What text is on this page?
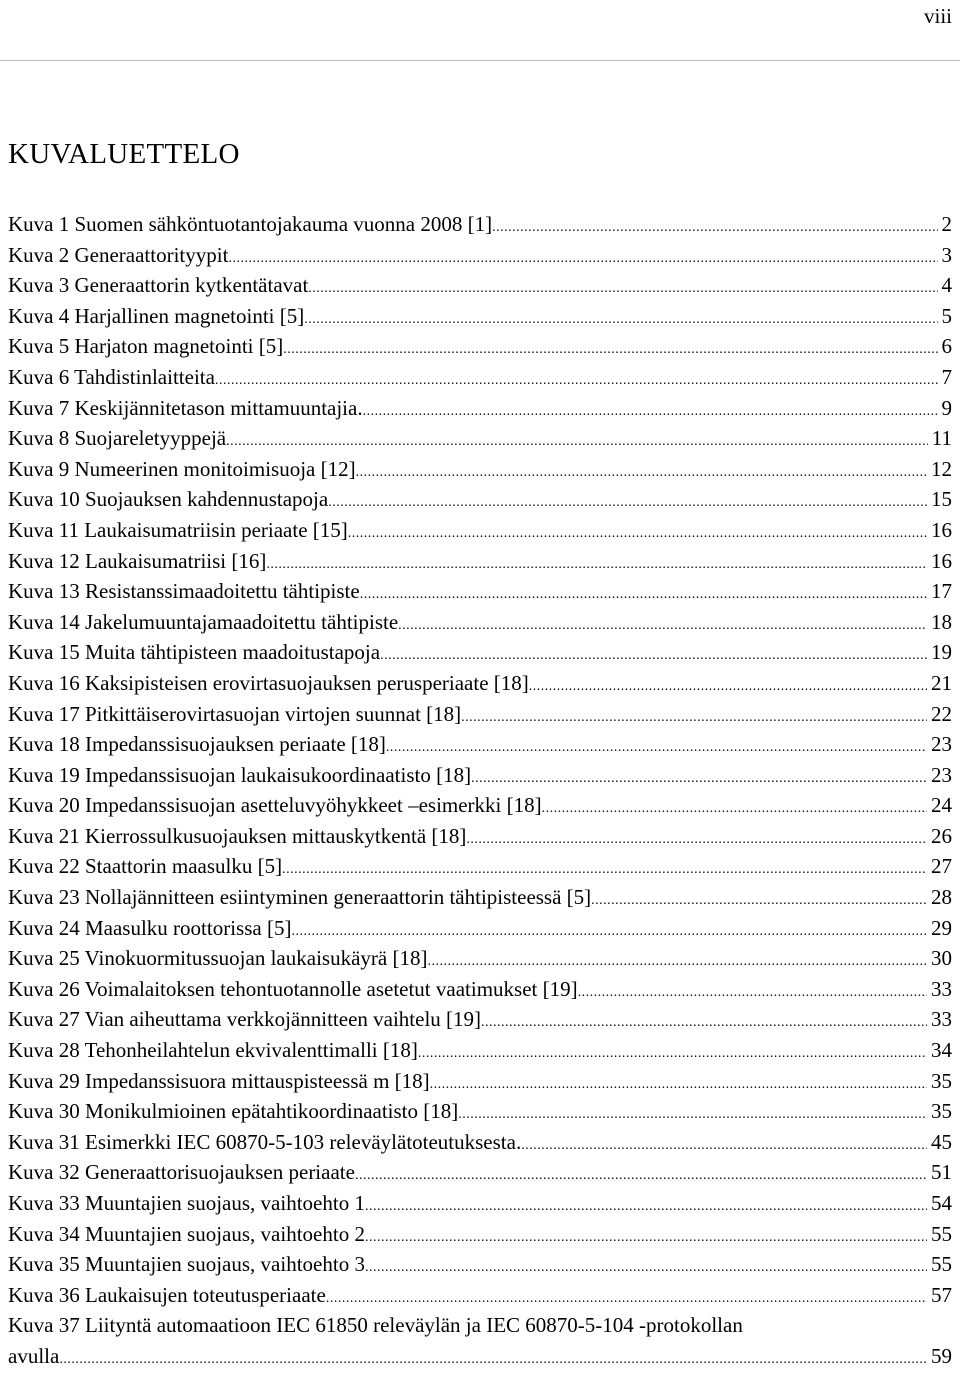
viii
KUVALUETTELO
Kuva 1 Suomen sähköntuotantojakauma vuonna 2008 [1] .....	2
Kuva 2 Generaattorityypit .....	3
Kuva 3 Generaattorin kytkentätavat .....	4
Kuva 4 Harjallinen magnetointi [5] .....	5
Kuva 5 Harjaton magnetointi [5] .....	6
Kuva 6 Tahdistinlaitteita .....	7
Kuva 7 Keskijännitetason mittamuuntajia. .....	9
Kuva 8 Suojareletyyppejä .....	11
Kuva 9 Numeerinen monitoimisuoja [12] .....	12
Kuva 10 Suojauksen kahdennustapoja .....	15
Kuva 11 Laukaisumatriisin periaate [15] .....	16
Kuva 12 Laukaisumatriisi [16] .....	16
Kuva 13 Resistanssimaadoitettu tähtipiste .....	17
Kuva 14 Jakelumuuntajamaadoitettu tähtipiste .....	18
Kuva 15 Muita tähtipisteen maadoitustapoja .....	19
Kuva 16 Kaksipisteisen erovirtasuojauksen perusperiaate [18] .....	21
Kuva 17 Pitkittäiserovirtasuojan virtojen suunnat [18] .....	22
Kuva 18 Impedanssisuojauksen periaate [18] .....	23
Kuva 19 Impedanssisuojan laukaisukoordinaatisto [18] .....	23
Kuva 20 Impedanssisuojan asetteluvyöhykkeet –esimerkki [18] .....	24
Kuva 21 Kierrossulkusuojauksen mittauskytkentä [18] .....	26
Kuva 22 Staattorin maasulku [5] .....	27
Kuva 23 Nollajännitteen esiintyminen generaattorin tähtipisteessä [5] .....	28
Kuva 24 Maasulku roottorissa [5] .....	29
Kuva 25 Vinokuormitussuojan laukaisukäyrä [18] .....	30
Kuva 26 Voimalaitoksen tehontuotannolle asetetut vaatimukset [19] .....	33
Kuva 27 Vian aiheuttama verkkojännitteen vaihtelu [19] .....	33
Kuva 28 Tehonheilahtelun ekvivalenttimalli [18] .....	34
Kuva 29 Impedanssisuora mittauspisteessä m [18] .....	35
Kuva 30 Monikulmioinen epätahtikoordinaatisto [18] .....	35
Kuva 31 Esimerkki IEC 60870-5-103 releväylätoteutuksesta. .....	45
Kuva 32 Generaattorisuojauksen periaate .....	51
Kuva 33 Muuntajien suojaus, vaihtoehto 1 .....	54
Kuva 34 Muuntajien suojaus, vaihtoehto 2 .....	55
Kuva 35 Muuntajien suojaus, vaihtoehto 3 .....	55
Kuva 36 Laukaisujen toteutusperiaate .....	57
Kuva 37 Liityntä automaatioon IEC 61850 releväylän ja IEC 60870-5-104 -protokollan
avulla .....	59
